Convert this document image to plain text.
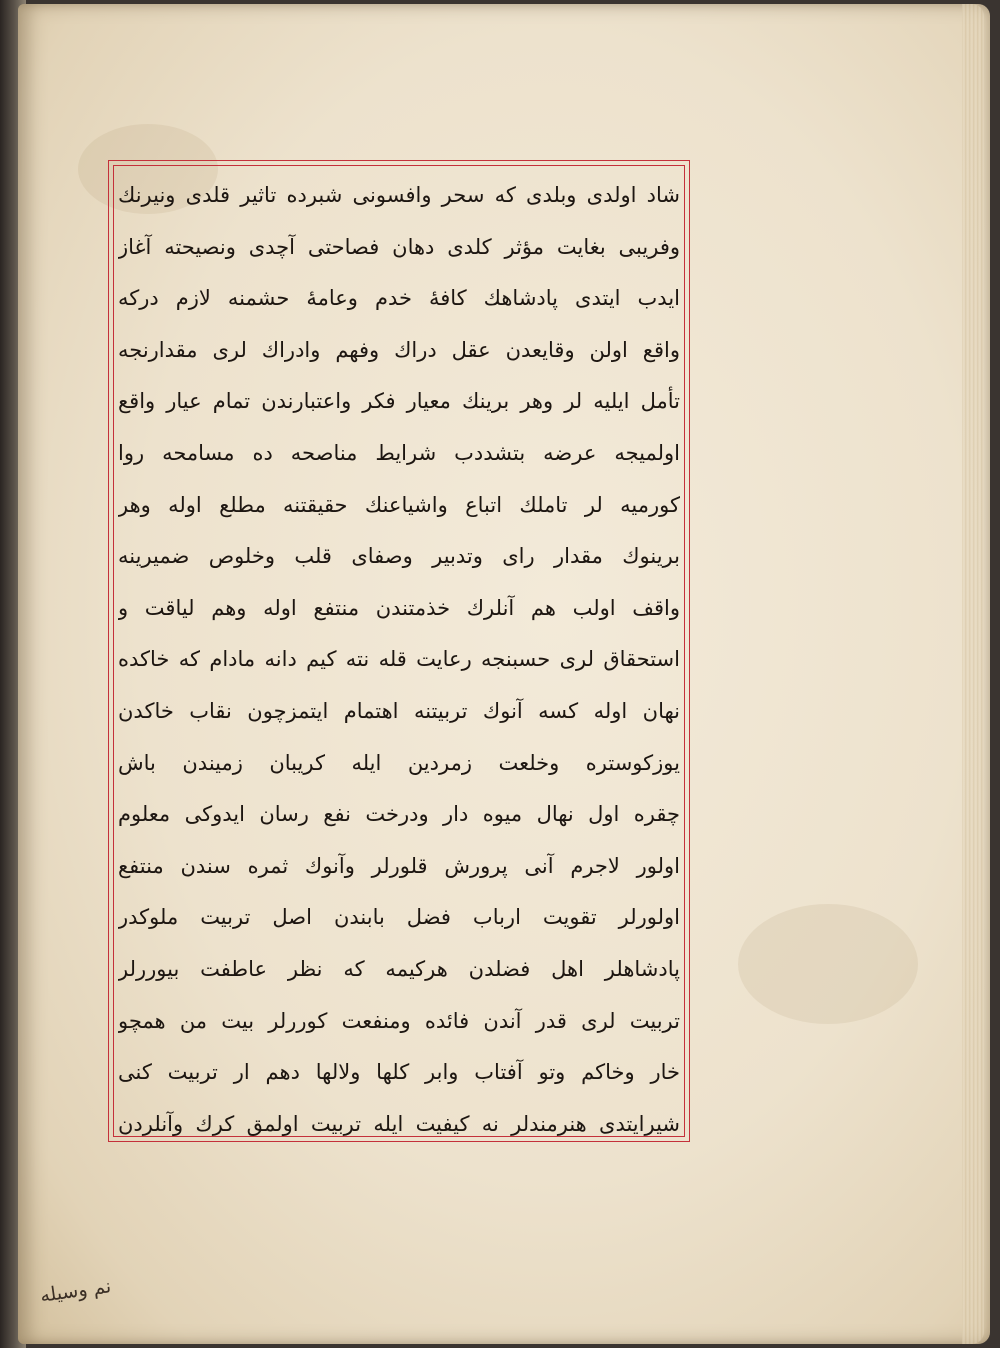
شاد اولدی وبلدی که سحر وافسونی شبرده تاثیر قلدی ونیرنك
وفریبی بغایت مؤثر کلدی دهان فصاحتی آچدی ونصیحته آغاز
ایدب ایتدی پادشاهك کافۀ خدم وعامۀ حشمنه لازم درکه
واقع اولن وقایعدن عقل دراك وفهم وادراك لری مقدارنجه
تأمل ایلیه لر وهر برینك معیار فکر واعتبارندن تمام عیار واقع
اولمیجه عرضه بتشددب شرایط مناصحه ده مسامحه روا
کورمیه لر تاملك اتباع واشیاعنك حقیقتنه مطلع اوله وهر
برینوك مقدار رای وتدبیر وصفای قلب وخلوص ضمیرینه
واقف اولب هم آنلرك خذمتندن منتفع اوله وهم لیاقت و
استحقاق لری حسبنجه رعایت قله نته کیم دانه مادام که خاکده
نهان اوله کسه آنوك تربیتنه اهتمام ایتمزچون نقاب خاکدن
یوزکوستره وخلعت زمردین ایله کریبان زمیندن باش
چقره اول نهال میوه دار ودرخت نفع رسان ایدوکی معلوم
اولور لاجرم آنی پرورش قلورلر وآنوك ثمره سندن منتفع
اولورلر تقویت ارباب فضل بابندن اصل تربیت ملوکدر
پادشاهلر اهل فضلدن هرکیمه که نظر عاطفت بیوررلر
تربیت لری قدر آندن فائده ومنفعت کوررلر بیت من همچو
خار وخاکم وتو آفتاب وابر کلها ولالها دهم ار تربیت کنی
شیرایتدی هنرمندلر نه کیفیت ایله تربیت اولمق کرك وآنلردن
نم وسیله
